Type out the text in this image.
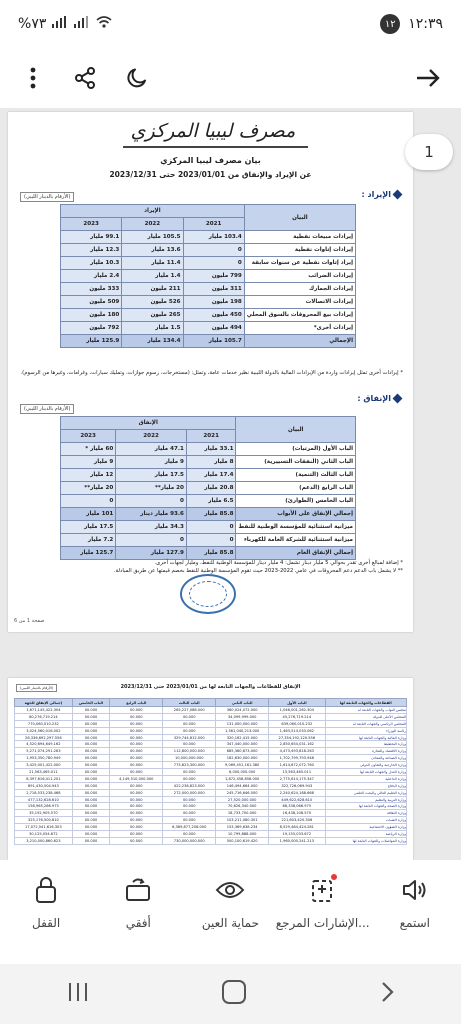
%٧٣	١٢ ١٢:٣٩
1
مصرف ليبيا المركزي
بيان مصرف ليبيا المركزي
عن الإيراد والإنفاق من 2023/01/01 حتى 2023/12/31
الإيراد :
(الأرقام بالدينار الليبي)
البيان	الإيراد		
	2021	2022	2023
إيرادات مبيعات نفطية	103.4 مليار	105.5 مليار	99.1 مليار
إيرادات إتاوات نفطية	0	13.6 مليار	12.3 مليار
إيراد إتاوات نفطية عن سنوات سابقة	0	11.4 مليار	10.3 مليار
إيرادات الضرائب	799 مليون	1.4 مليار	2.4 مليار
إيرادات الجمارك	311 مليون	211 مليون	333 مليون
إيرادات الاتصالات	198 مليون	526 مليون	509 مليون
إيرادات بيع المحروقات بالسوق المحلي	450 مليون	265 مليون	180 مليون
إيرادات أخرى*	494 مليون	1.5 مليار	792 مليون
الإجمالي	105.7 مليار	134.4 مليار	125.9 مليار
* إيرادات أخرى تمثل إيرادات واردة من الإيرادات المالية بالدولة الليبية نظير خدمات عامة، وتمثل: (مستخرجات، رسوم جوازات، وتمليك سيارات، وغرامات، وغيرها من الرسوم).
الإنفاق :
(الأرقام بالدينار الليبي)
البيان	الإنفاق		
	2021	2022	2023
الباب الأول (المرتبات)	33.1 مليار	47.1 مليار	60 مليار *
الباب الثاني (النفقات التسييرية)	8 مليار	9 مليار	9 مليار
الباب الثالث (التنمية)	17.4 مليار	17.5 مليار	12 مليار
الباب الرابع (الدعم)	20.8 مليار	20 مليار**	20 مليار**
الباب الخامس (الطوارئ)	6.5 مليار	0	0
إجمالي الإنفاق على الأبواب	85.8 مليار	93.6 مليار دينار	101 مليار
ميزانية استثنائية للمؤسسة الوطنية للنفط	0	34.3 مليار	17.5 مليار
ميزانية استثنائية للشركة العامة للكهرباء	0	0	7.2 مليار
إجمالي الإنفاق العام	85.8 مليار	127.9 مليار	125.7 مليار
* إضافة لمبالغ أخرى تقدر بحوالي 5 مليار دينار تشمل: 4 مليار دينار للمؤسسة الوطنية للنفط، ومليار لجهات أخرى.
** لا يشمل باب الدعم دعم المحروقات في عامي 2022-2023 حيث تقوم المؤسسة الوطنية للنفط بخصم قيمتها عن طريق المبادلة.
صفحة 1 من 6
الإنفاق للقطاعات والجهات التابعة لها من 2023/01/01 حتى 2023/12/31
(الأرقام بالدينار الليبي)
القطاعات والجهات التابعة لها	الباب الأول	الباب الثاني	الباب الثالث	الباب الرابع	الباب الخامس	إجمالي الإنفاق للجهة
مجلس النواب والجهات التابعة له	1,046,001,262.304	360,024,072.000	265,227,088.000	00.000	00.000	1,671,145,422.304
المجلس الأعلى للدولة	45,276,719.214	34,099,999.000	00.000	00.000	00.000	80,276,719.214
المجلس الرئاسي والجهات التابعة له	639,060,010.232	131,000,000.000	00.000	00.000	00.000	770,060,010.232
رئاسة الوزراء	1,463,514,033.062	1,561,040,213.000	00.000	00.000	00.000	3,024,560,016.002
وزارة المالية والجهات التابعة لها	27,354,192,120.556	320,162,415.000	329,744,812.000	00.000	00.000	28,336,692,297.556
وزارة التخطيط	2,850,654,031.162	347,440,000.000	00.000	00.000	00.000	4,520,694,649.162
وزارة الاقتصاد والتجارة	4,473,493,818.263	685,360,873.000	112,800,000.000	00.000	00.000	5,271,074,291.263
وزارة الصناعة والمعادن	1,702,799,793.948	182,630,000.000	10,000,000.000	00.000	00.000	1,953,350,780.949
وزارة الخارجية والتعاون الدولي	1,614,672,072.760	9,069,451,161.380	775,823,300.000	00.000	00.000	3,425,001,422.000
وزارة العدل والجهات التابعة لها	15,563,465.011	6,000,000.000	00.000	00.000	00.000	21,563,465.011
وزارة الداخلية	2,775,614,175.347	1,872,458,858.000	00.000	4,149,510,000.000	00.000	8,397,616,411.201
وزارة الدفاع	322,726,069.943	146,494,664.000	422,236,823.000	00.000	00.000	891,430,504.943
وزارة التعليم العالي والبحث العلمي	2,240,624,188.668	245,716,646.500	272,000,000.000	00.000	00.000	2,718,533,238.468
وزارة التربية والتعليم	449,622,628.610	27,520,000.000	00.000	00.000	00.000	477,132,628.610
وزارة الصحة والجهات التابعة لها	88,338,066.975	70,626,340.000	00.000	00.000	00.000	158,965,286.975
وزارة الثقافة	16,438,108.570	18,733,700.000	00.000	00.000	00.000	35,192,905.570
وزارة الشباب	221,803,420.306	103,211,080.301	00.000	00.000	00.000	325,176,500.810
وزارة الشؤون الاجتماعية	8,529,484,424.281	153,369,638.234	6,389,877,258.000	00.000	00.000	17,072,541,616.303
وزارة الرياضة	19,155,033.672	10,799,888.000	00.000	00.000	00.000	30,125,054.672
وزارة المواصلات والجهات التابعة لها	1,960,000,241.213	500,100,619.420	730,000,000.000	00.000	00.000	3,210,000,860.623
القفل	أفقي	حماية العين الإشارات المرجع...	استمع
